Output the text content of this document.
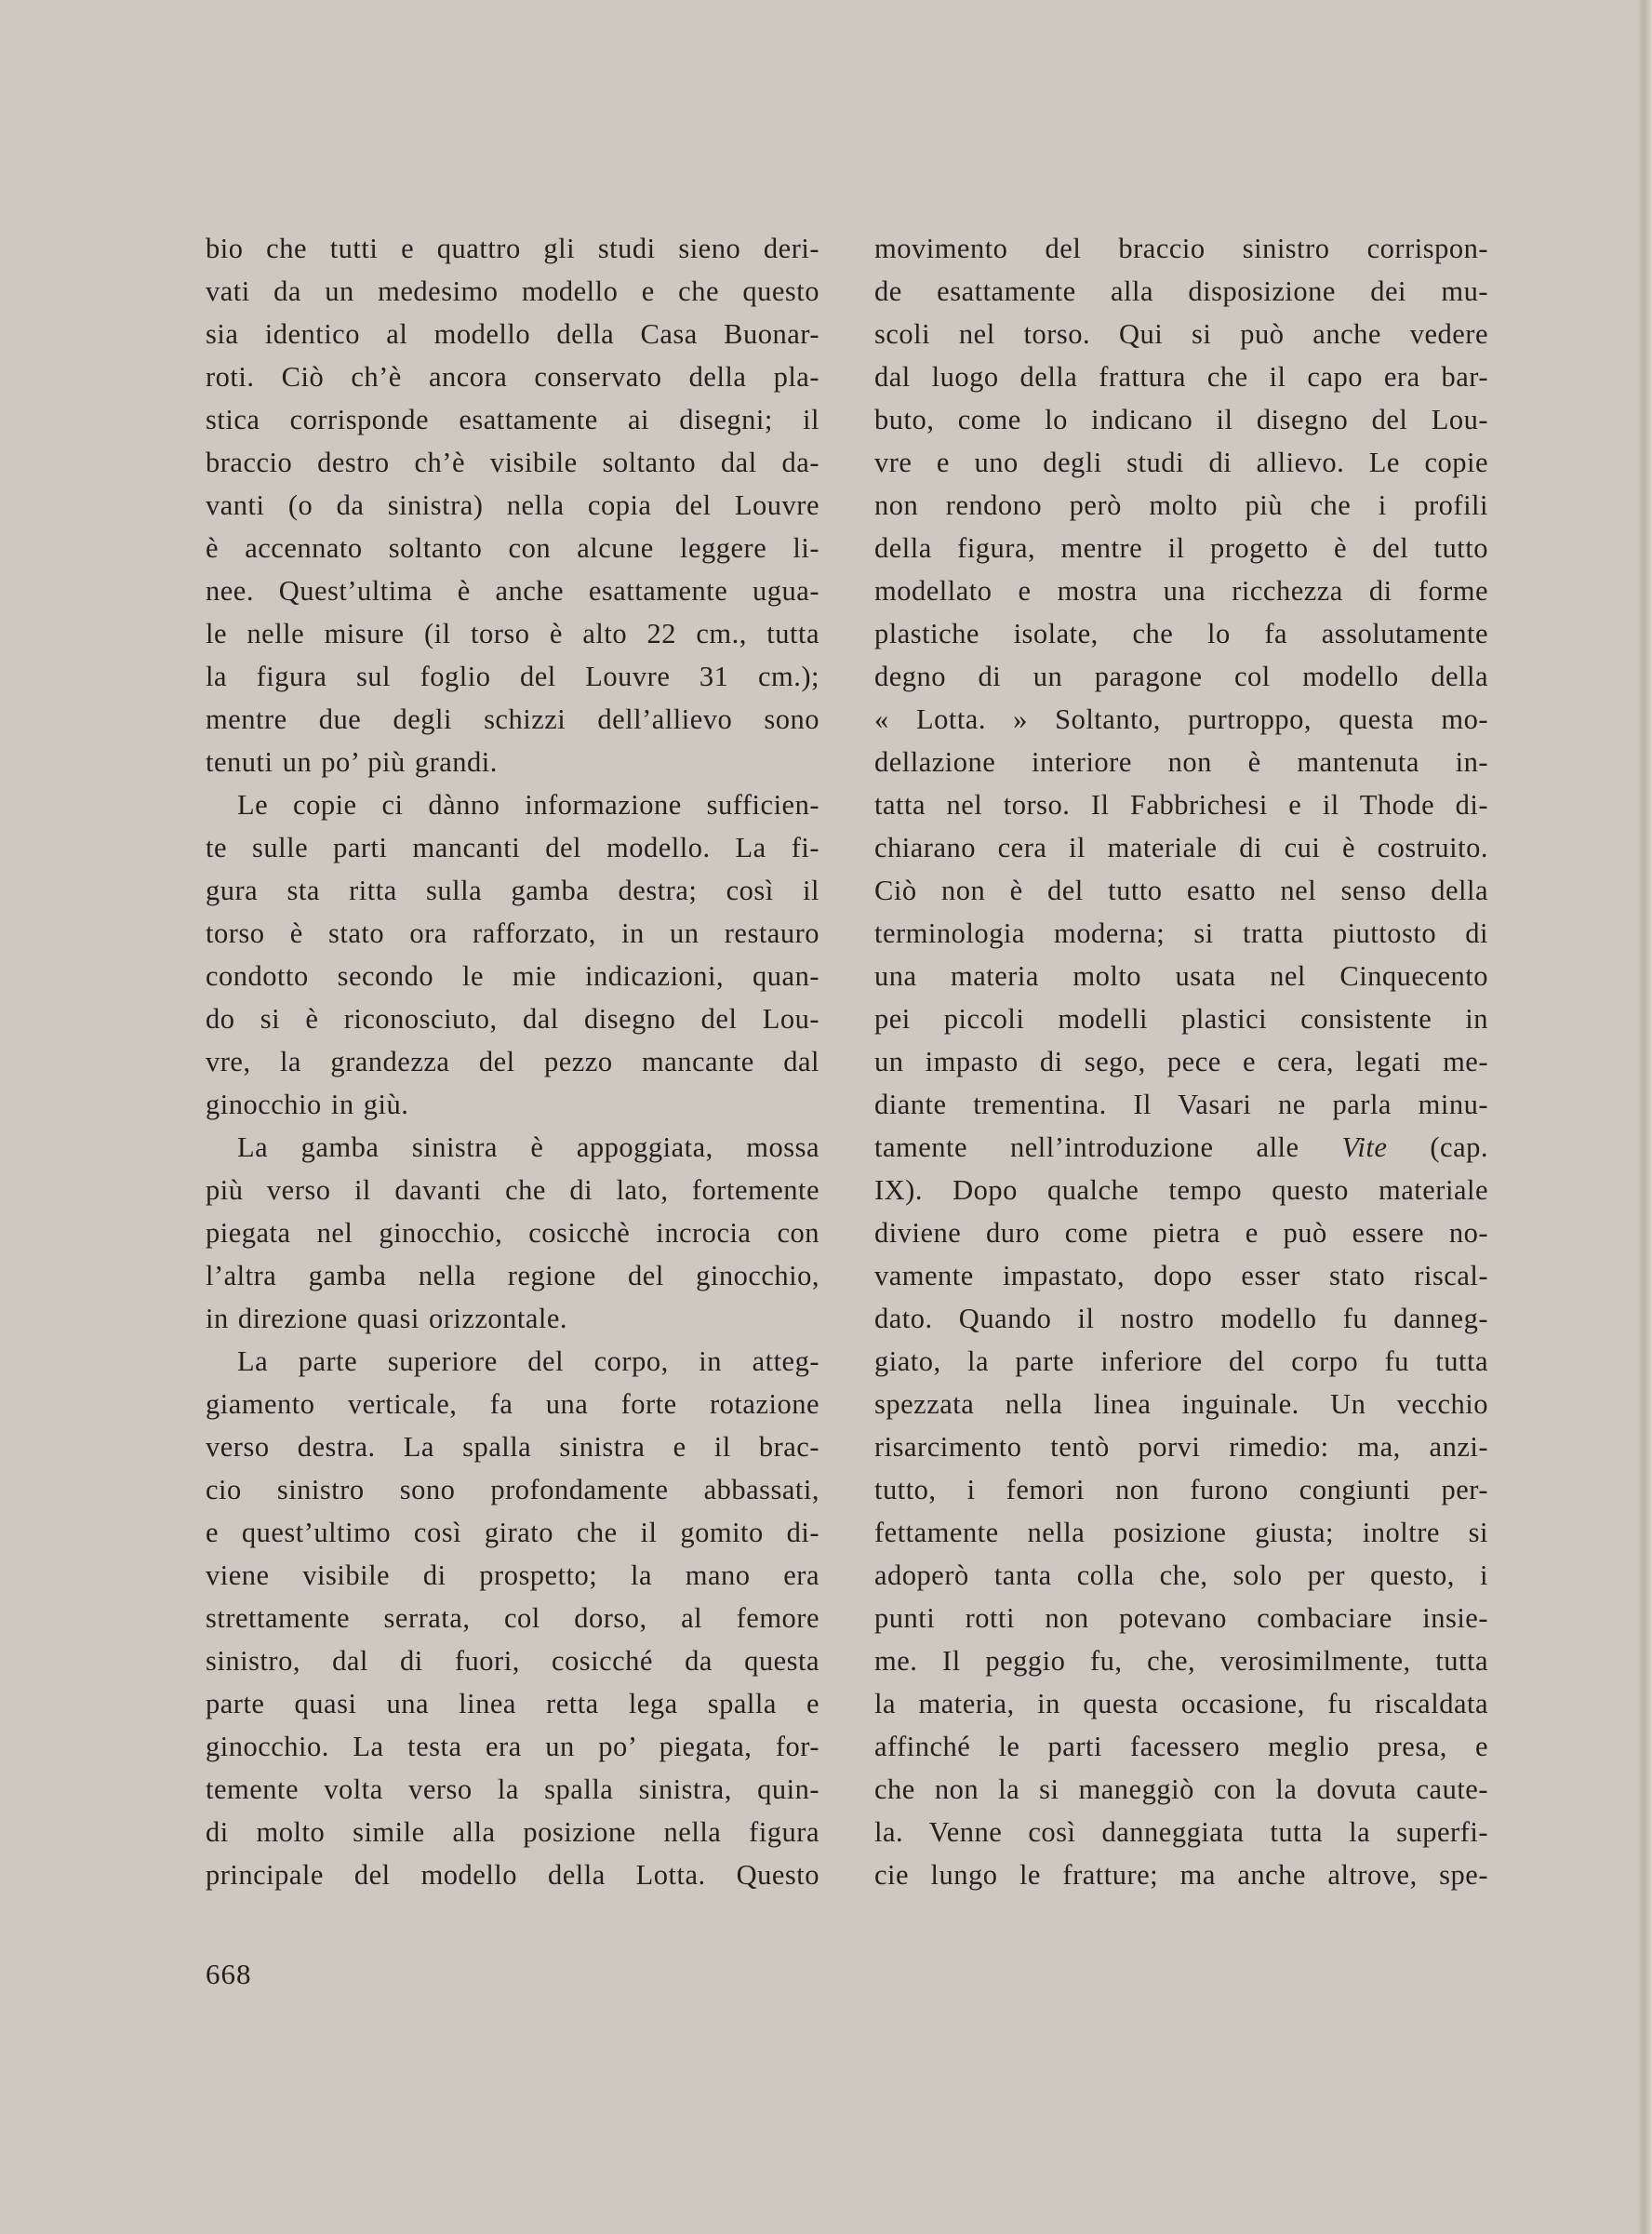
bio che tutti e quattro gli studi sieno deri-
vati da un medesimo modello e che questo
sia identico al modello della Casa Buonar-
roti. Ciò ch’è ancora conservato della pla-
stica corrisponde esattamente ai disegni; il
braccio destro ch’è visibile soltanto dal da-
vanti (o da sinistra) nella copia del Louvre
è accennato soltanto con alcune leggere li-
nee. Quest’ultima è anche esattamente ugua-
le nelle misure (il torso è alto 22 cm., tutta
la figura sul foglio del Louvre 31 cm.);
mentre due degli schizzi dell’allievo sono
tenuti un po’ più grandi.
Le copie ci dànno informazione sufficien-
te sulle parti mancanti del modello. La fi-
gura sta ritta sulla gamba destra; così il
torso è stato ora rafforzato, in un restauro
condotto secondo le mie indicazioni, quan-
do si è riconosciuto, dal disegno del Lou-
vre, la grandezza del pezzo mancante dal
ginocchio in giù.
La gamba sinistra è appoggiata, mossa
più verso il davanti che di lato, fortemente
piegata nel ginocchio, cosicchè incrocia con
l’altra gamba nella regione del ginocchio,
in direzione quasi orizzontale.
La parte superiore del corpo, in atteg-
giamento verticale, fa una forte rotazione
verso destra. La spalla sinistra e il brac-
cio sinistro sono profondamente abbassati,
e quest’ultimo così girato che il gomito di-
viene visibile di prospetto; la mano era
strettamente serrata, col dorso, al femore
sinistro, dal di fuori, cosicché da questa
parte quasi una linea retta lega spalla e
ginocchio. La testa era un po’ piegata, for-
temente volta verso la spalla sinistra, quin-
di molto simile alla posizione nella figura
principale del modello della Lotta. Questo
movimento del braccio sinistro corrispon-
de esattamente alla disposizione dei mu-
scoli nel torso. Qui si può anche vedere
dal luogo della frattura che il capo era bar-
buto, come lo indicano il disegno del Lou-
vre e uno degli studi di allievo. Le copie
non rendono però molto più che i profili
della figura, mentre il progetto è del tutto
modellato e mostra una ricchezza di forme
plastiche isolate, che lo fa assolutamente
degno di un paragone col modello della
« Lotta. » Soltanto, purtroppo, questa mo-
dellazione interiore non è mantenuta in-
tatta nel torso. Il Fabbrichesi e il Thode di-
chiarano cera il materiale di cui è costruito.
Ciò non è del tutto esatto nel senso della
terminologia moderna; si tratta piuttosto di
una materia molto usata nel Cinquecento
pei piccoli modelli plastici consistente in
un impasto di sego, pece e cera, legati me-
diante trementina. Il Vasari ne parla minu-
tamente nell’introduzione alle Vite (cap.
IX). Dopo qualche tempo questo materiale
diviene duro come pietra e può essere no-
vamente impastato, dopo esser stato riscal-
dato. Quando il nostro modello fu danneg-
giato, la parte inferiore del corpo fu tutta
spezzata nella linea inguinale. Un vecchio
risarcimento tentò porvi rimedio: ma, anzi-
tutto, i femori non furono congiunti per-
fettamente nella posizione giusta; inoltre si
adoperò tanta colla che, solo per questo, i
punti rotti non potevano combaciare insie-
me. Il peggio fu, che, verosimilmente, tutta
la materia, in questa occasione, fu riscaldata
affinché le parti facessero meglio presa, e
che non la si maneggiò con la dovuta caute-
la. Venne così danneggiata tutta la superfi-
cie lungo le fratture; ma anche altrove, spe-
668
